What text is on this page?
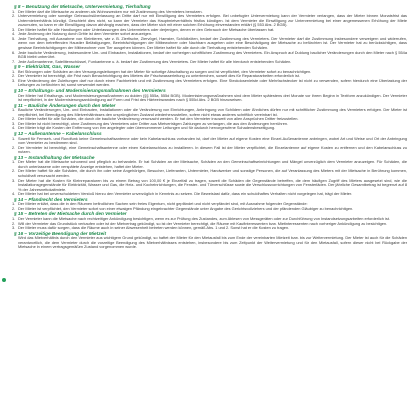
§ 8 – Benutzung der Mietsache, Untervermietung, Tierhaltung
1. Der Mieter darf die Mietsache zu anderen als Wohnzwecken nur mit Zustimmung des Vermieters benutzen.
2. Untervermietung oder sonstige Gebrauchsüberlassung an Dritte darf nur mit Einwilligung des Vermieters erfolgen. Bei unbefugter Untervermietung kann der Vermieter verlangen, dass der Mieter binnen Monatsfrist das Untermietverhältnis kündigt. Geschieht dies nicht, so kann der Vermieter das Hauptmietverhältnis fristlos kündigen. Ist dem Vermieter die Einwilligung zur Untervermietung bei einer angemessenen Erhöhung der Miete zuzumuten, so kann er die Einwilligung davon abhängig machen, dass der Mieter sich mit einer solchen Erhöhung einverstanden erklärt (§ 553 Abs. 2 BGB).
3. Der Mieter haftet für alle Handlungen oder Unterlassungen des Untermieters oder derjenigen, denen er den Gebrauch der Mietsache überlassen hat.
4. Jede Änderung der Nutzung durch Dritte ist dem Vermieter sofort anzuzeigen.
5. Jede Tierhaltung, mit Ausnahme von Kleintieren, wie z. B. Zierfische, Ziervögel, Hamster, Schildkröten, bedarf der Zustimmung des Vermieters. Der Vermieter darf die Zustimmung insbesondere verweigern und widerrufen, wenn von dem betreffenden Haustier Belästigungen, Beeinträchtigungen der Mitbewohner oder Nachbarn ausgehen oder eine Beschädigung der Mietsache zu befürchten ist. Der Vermieter hat zu berücksichtigen, dass gewisse Beeinträchtigungen der Mitbewohner vom Tier ausgehen können. Der Mieter haftet für alle durch die Tierhaltung entstehenden Schäden.
6. Jede bauliche Veränderung, insbesondere Um- und Einbauten, Installationen, bedarf der vorherigen schriftlichen Zustimmung des Vermieters. Ein Anspruch auf Duldung baulicher Veränderungen durch den Mieter nach § 554a BGB bleibt unberührt.
7. Jede Außenantenne, Satellitenschüssel, Funkantenne u. ä. bedarf der Zustimmung des Vermieters. Der Mieter haftet für alle hierdurch entstehenden Schäden.
§ 9 – Elektrizität, Gas, Wasser
1. Bei Störungen oder Schäden an den Versorgungsleitungen hat der Mieter für sofortige Abschaltung zu sorgen und ist verpflichtet, den Vermieter sofort zu benachrichtigen.
2. Der Vermieter ist berechtigt, die Frist nach Benachrichtigung des Mieters die Frischwasserleitung zu unterbrechen, soweit dies für Reparaturarbeiten erforderlich ist.
3. Eine Veränderung der Zuleitungen darf nur durch einen Fachbetrieb und mit Zustimmung des Vermieters erfolgen. Eine Steckdosenleiste oder Mehrfachstecker ist nicht zu verwenden, sofern hierdurch eine Überlastung der Leitungen zu befürchten ist; sonst verwendet werden.
§ 10 – Erhaltungs- und Modernisierungsmaßnahmen des Vermieters
Der Mieter hat Erhaltungs- und Modernisierungsmaßnahmen zu dulden (§§ 555a, 555d BGB). Modernisierungsmaßnahmen sind dem Mieter spätestens drei Monate vor ihrem Beginn in Textform anzukündigen. Der Vermieter ist verpflichtet, in der Modernisierungsankündigung auf Form und Frist des Härteeinwandes nach § 555d Abs. 2 BGB hinzuweisen.
§ 11 – Bauliche Änderungen durch den Mieter
1. Bauliche Veränderungen, Um- und Einbauten, Installationen oder die Veränderung von Einrichtungen, Anbringung von Schildern oder Ähnliches dürfen nur mit schriftlicher Zustimmung des Vermieters erfolgen. Der Mieter ist verpflichtet, bei Beendigung des Mietverhältnisses den ursprünglichen Zustand wiederherzustellen, sofern nicht etwas anderes schriftlich vereinbart ist.
2. Der Mieter haftet für alle Schäden, die durch die bauliche Veränderung verursacht werden. Er hat den Vermieter insoweit von allen Ansprüchen Dritter freizustellen.
3. Der Mieter ist nicht berechtigt, ohne Zustimmung des Vermieters oder Dritter aus Mietverträgen Zahlungen zu verlangen, die aus den Änderungen herrühren.
4. Der Mieter trägt die Kosten der Entfernung von ihm angelegter oder übernommener Leitungen und für dadurch hervorgerufene Schadensbeseitigung.
§ 12 – Außenantenne – Kabelanschluss
1. Soweit für Fernseh- und Rundfunk keine Gemeinschaftsantenne oder kein Kabelanschluss vorhanden ist, darf der Mieter auf eigene Kosten eine Einzel-Außenantenne anbringen, wobei Art und Weise und Ort der Anbringung vom Vermieter zu bestimmen sind.
2. Der Vermieter ist berechtigt, eine Gemeinschaftsantenne oder einen Kabelanschluss zu installieren. In diesem Fall ist der Mieter verpflichtet, die Einzelantenne auf eigene Kosten zu entfernen und den Kabelanschluss zu nutzen.
§ 13 – Instandhaltung der Mietsache
1. Der Mieter hat die Mietsache schonend und pfleglich zu behandeln. Er hat Schäden an der Mietsache, Schäden an den Gemeinschaftseinrichtungen und Mängel unverzüglich dem Vermieter anzuzeigen. Für Schäden, die durch unterlassene oder verspätete Anzeige entstehen, haftet der Mieter.
2. Der Mieter haftet für alle Schäden, die durch ihn oder seine Angehörigen, Besucher, Lieferanten, Untermieter, Handwerker und sonstige Personen, die auf Veranlassung des Mieters mit der Mietsache in Berührung kommen, schuldhaft verursacht werden.
3. Der Mieter hat die Kosten für Kleinreparaturen bis zu einem Betrag von 100,00 € je Einzelfall zu tragen, soweit die Schäden die Gegenstände betreffen, die dem häufigen Zugriff des Mieters ausgesetzt sind, wie die Installationsgegenstände für Elektrizität, Wasser und Gas, die Heiz- und Kocheinrichtungen, die Fenster- und Türverschlüsse sowie die Verschlussvorrichtungen von Fensterläden. Der jährliche Gesamtbetrag ist begrenzt auf 8 % der Jahresnettokaltmiete.
4. Der Mieter hat bei unverschuldetem Verstoß hierzu den Vermieter unverzüglich in Kenntnis zu setzen. Die Beweislast dafür, dass ein schuldhaftes Verhalten nicht vorgelegen hat, trägt der Mieter.
§ 14 – Pfandrecht des Vermieters
1. Der Mieter erklärt, dass die in den Räumen befindlichen Sachen sein freies Eigentum, nicht gepfändet und nicht verpfändet sind, mit Ausnahme folgender Gegenstände:
2. Der Mieter ist verpflichtet, den Vermieter sofort von einer etwaigen Pfändung eingebrachter Gegenstände unter Angabe des Gerichtsvollziehers und der pfändenden Gläubiger zu benachrichtigen.
§ 15 – Betreten der Mietsache durch den Vermieter
1. Der Vermieter kann die Mietsache nach rechtzeitiger Ankündigung besichtigen, wenn es zur Prüfung des Zustandes, zum Ablesen von Messgeräten oder zur Durchführung von Instandsetzungsarbeiten erforderlich ist.
2. Will der Vermieter das Grundstück verkaufen oder ist der Mietvertrag gekündigt, so ist der Vermieter berechtigt, die Räume mit Kaufinteressenten bzw. Mietinteressenten nach vorheriger Ankündigung zu besichtigen.
3. Der Mieter muss dafür sorgen, dass die Räume auch in seiner Abwesenheit betreten werden können, gemäß Abs. 1 und 2. Sonst hat er die Kosten zu tragen.
§ 16 – Vorzeitige Beendigung der Mietzeit
Wird das Mietverhältnis durch den Vermieter aus wichtigem Grund gekündigt, so haftet der Mieter für den Mietausfall bis zum Ende der vereinbarten Mietzeit bzw. bis zur Weitervermietung. Der Mieter ist auch für die Schäden verantwortlich, die dem Vermieter durch die vorzeitige Beendigung des Mietverhältnisses entstehen, insbesondere bis zum Zeitpunkt der Weitervermietung und für den Mietausfall, sofern dieser nicht bei Rückgabe der Mietsache in einem vertragsgemäßen Zustand vorgenommen wurde.
